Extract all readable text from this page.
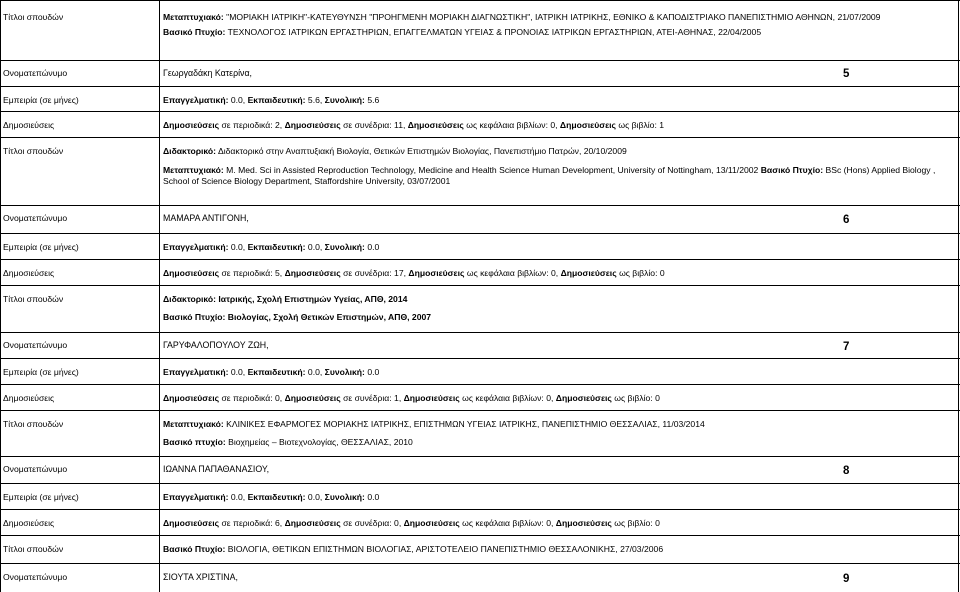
Τίτλοι σπουδών	Μεταπτυχιακό: "ΜΟΡΙΑΚΗ ΙΑΤΡΙΚΗ"-ΚΑΤΕΥΘΥΝΣΗ "ΠΡΟΗΓΜΕΝΗ ΜΟΡΙΑΚΗ ΔΙΑΓΝΩΣΤΙΚΗ", ΙΑΤΡΙΚΗ ΙΑΤΡΙΚΗΣ, ΕΘΝΙΚΟ & ΚΑΠΟΔΙΣΤΡΙΑΚΟ ΠΑΝΕΠΙΣΤΗΜΙΟ ΑΘΗΝΩΝ, 21/07/2009
Βασικό Πτυχίο: ΤΕΧΝΟΛΟΓΟΣ ΙΑΤΡΙΚΩΝ ΕΡΓΑΣΤΗΡΙΩΝ, ΕΠΑΓΓΕΛΜΑΤΩΝ ΥΓΕΙΑΣ & ΠΡΟΝΟΙΑΣ ΙΑΤΡΙΚΩΝ ΕΡΓΑΣΤΗΡΙΩΝ, ΑΤΕΙ-ΑΘΗΝΑΣ, 22/04/2005
Ονοματεπώνυμο	Γεωργαδάκη Κατερίνα,	5
Εμπειρία (σε μήνες)	Επαγγελματική: 0.0, Εκπαιδευτική: 5.6, Συνολική: 5.6
Δημοσιεύσεις	Δημοσιεύσεις σε περιοδικά: 2, Δημοσιεύσεις σε συνέδρια: 11, Δημοσιεύσεις ως κεφάλαια βιβλίων: 0, Δημοσιεύσεις ως βιβλίο: 1
Τίτλοι σπουδών	Διδακτορικό: Διδακτορικό στην Αναπτυξιακή Βιολογία, Θετικών Επιστημών Βιολογίας, Πανεπιστήμιο Πατρών, 20/10/2009
Μεταπτυχιακό: M. Med. Sci in Assisted Reproduction Technology, Medicine and Health Science Human Development, University of Nottingham, 13/11/2002 Βασικό Πτυχίο: BSc (Hons) Applied Biology , School of Science Biology Department, Staffordshire University, 03/07/2001
Ονοματεπώνυμο	ΜΑΜΑΡΑ ΑΝΤΙΓΟΝΗ,	6
Εμπειρία (σε μήνες)	Επαγγελματική: 0.0, Εκπαιδευτική: 0.0, Συνολική: 0.0
Δημοσιεύσεις	Δημοσιεύσεις σε περιοδικά: 5, Δημοσιεύσεις σε συνέδρια: 17, Δημοσιεύσεις ως κεφάλαια βιβλίων: 0, Δημοσιεύσεις ως βιβλίο: 0
Τίτλοι σπουδών	Διδακτορικό: Ιατρικής, Σχολή Επιστημών Υγείας, ΑΠΘ, 2014
Βασικό Πτυχίο: Βιολογίας, Σχολή Θετικών Επιστημών, ΑΠΘ, 2007
Ονοματεπώνυμο	ΓΑΡΥΦΑΛΟΠΟΥΛΟΥ ΖΩΗ,	7
Εμπειρία (σε μήνες)	Επαγγελματική: 0.0, Εκπαιδευτική: 0.0, Συνολική: 0.0
Δημοσιεύσεις	Δημοσιεύσεις σε περιοδικά: 0, Δημοσιεύσεις σε συνέδρια: 1, Δημοσιεύσεις ως κεφάλαια βιβλίων: 0, Δημοσιεύσεις ως βιβλίο: 0
Τίτλοι σπουδών	Μεταπτυχιακό: ΚΛΙΝΙΚΕΣ ΕΦΑΡΜΟΓΕΣ ΜΟΡΙΑΚΗΣ ΙΑΤΡΙΚΗΣ, ΕΠΙΣΤΗΜΩΝ ΥΓΕΙΑΣ ΙΑΤΡΙΚΗΣ, ΠΑΝΕΠΙΣΤΗΜΙΟ ΘΕΣΣΑΛΙΑΣ, 11/03/2014
Βασικό πτυχίο: Βιοχημείας – Βιοτεχνολογίας, ΘΕΣΣΑΛΙΑΣ, 2010
Ονοματεπώνυμο	ΙΩΑΝΝΑ ΠΑΠΑΘΑΝΑΣΙΟΥ,	8
Εμπειρία (σε μήνες)	Επαγγελματική: 0.0, Εκπαιδευτική: 0.0, Συνολική: 0.0
Δημοσιεύσεις	Δημοσιεύσεις σε περιοδικά: 6, Δημοσιεύσεις σε συνέδρια: 0, Δημοσιεύσεις ως κεφάλαια βιβλίων: 0, Δημοσιεύσεις ως βιβλίο: 0
Τίτλοι σπουδών	Βασικό Πτυχίο: ΒΙΟΛΟΓΙΑ, ΘΕΤΙΚΩΝ ΕΠΙΣΤΗΜΩΝ ΒΙΟΛΟΓΙΑΣ, ΑΡΙΣΤΟΤΕΛΕΙΟ ΠΑΝΕΠΙΣΤΗΜΙΟ ΘΕΣΣΑΛΟΝΙΚΗΣ, 27/03/2006
Ονοματεπώνυμο	ΣΙΟΥΤΑ ΧΡΙΣΤΙΝΑ,	9
